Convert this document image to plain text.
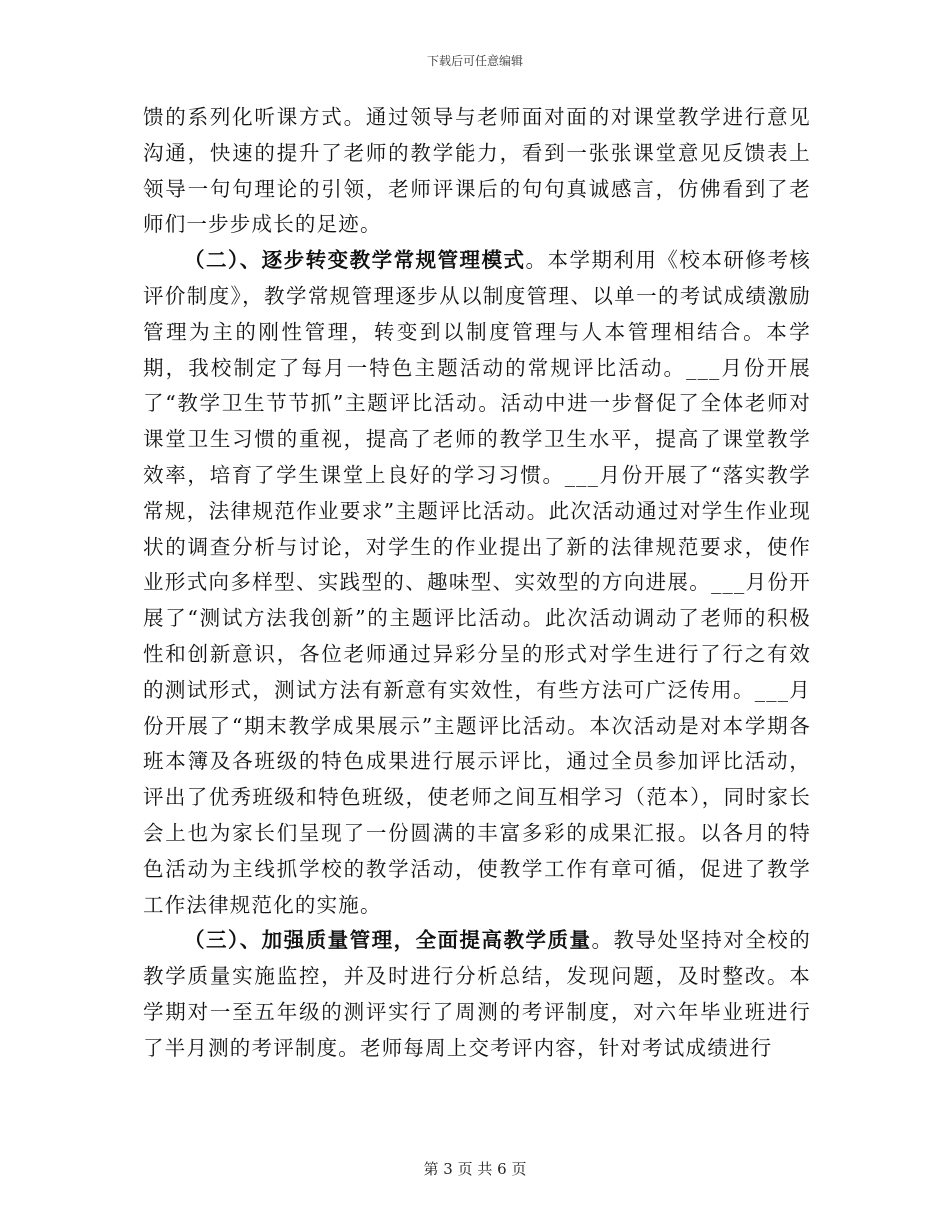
下载后可任意编辑

馈的系列化听课方式。通过领导与老师面对面的对课堂教学进行意见沟通，快速的提升了老师的教学能力，看到一张张课堂意见反馈表上领导一句句理论的引领，老师评课后的句句真诚感言，仿佛看到了老师们一步步成长的足迹。

（二）、逐步转变教学常规管理模式。本学期利用《校本研修考核评价制度》，教学常规管理逐步从以制度管理、以单一的考试成绩激励管理为主的刚性管理，转变到以制度管理与人本管理相结合。本学期，我校制定了每月一特色主题活动的常规评比活动。___月份开展了“教学卫生节节抓”主题评比活动。活动中进一步督促了全体老师对课堂卫生习惯的重视，提高了老师的教学卫生水平，提高了课堂教学效率，培育了学生课堂上良好的学习习惯。___月份开展了“落实教学常规，法律规范作业要求”主题评比活动。此次活动通过对学生作业现状的调查分析与讨论，对学生的作业提出了新的法律规范要求，使作业形式向多样型、实践型的、趣味型、实效型的方向进展。___月份开展了“测试方法我创新”的主题评比活动。此次活动调动了老师的积极性和创新意识，各位老师通过异彩分呈的形式对学生进行了行之有效的测试形式，测试方法有新意有实效性，有些方法可广泛传用。___月份开展了“期末教学成果展示”主题评比活动。本次活动是对本学期各班本簿及各班级的特色成果进行展示评比，通过全员参加评比活动，评出了优秀班级和特色班级，使老师之间互相学习（范本），同时家长会上也为家长们呈现了一份圆满的丰富多彩的成果汇报。以各月的特色活动为主线抓学校的教学活动，使教学工作有章可循，促进了教学工作法律规范化的实施。

（三）、加强质量管理，全面提高教学质量。教导处坚持对全校的教学质量实施监控，并及时进行分析总结，发现问题，及时整改。本学期对一至五年级的测评实行了周测的考评制度，对六年毕业班进行了半月测的考评制度。老师每周上交考评内容，针对考试成绩进行

第 3 页 共 6 页
